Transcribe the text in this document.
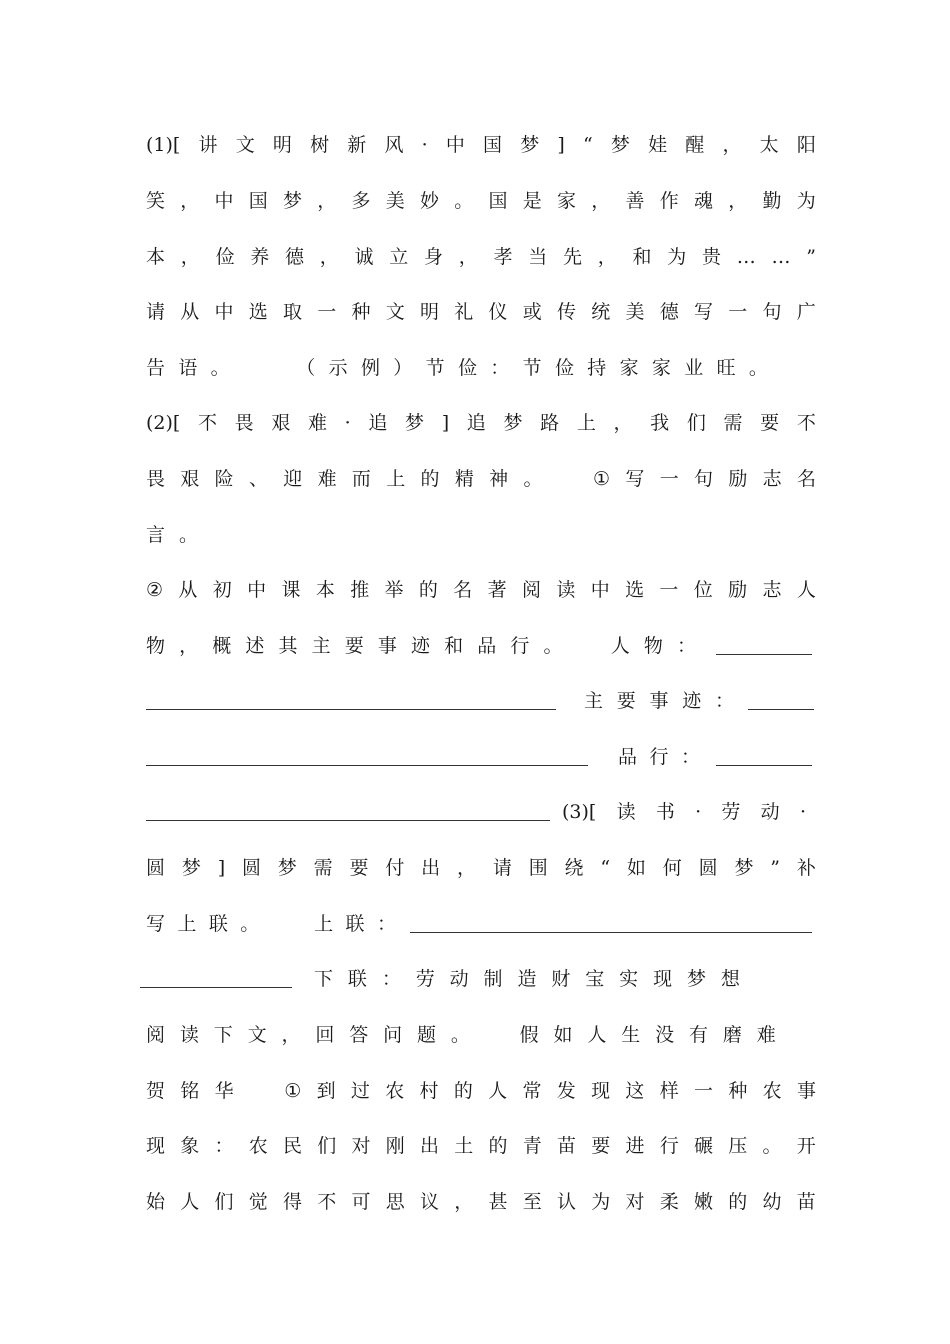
(1)[ 讲 文 明 树 新 风 · 中 国 梦 ] “ 梦 娃 醒 ， 太 阳
笑 ， 中 国 梦 ， 多 美 妙 。 国 是 家 ， 善 作 魂 ， 勤 为
本 ， 俭 养 德 ， 诚 立 身 ， 孝 当 先 ， 和 为 贵 … … ”
请 从 中 选 取 一 种 文 明 礼 仪 或 传 统 美 德 写 一 句 广
告 语 。	（ 示 例 ） 节 俭 ： 节 俭 持 家 家 业 旺 。
(2)[ 不 畏 艰 难 · 追 梦 ] 追 梦 路 上 ， 我 们 需 要 不
畏 艰 险 、 迎 难 而 上 的 精 神 。	① 写 一 句 励 志 名
言。
② 从 初 中 课 本 推 举 的 名 著 阅 读 中 选 一 位 励 志 人
物 ， 概 述 其 主 要 事 迹 和 品 行 。	人 物 ：
主 要 事 迹 ：
品 行 ：
(3)[ 读 书 · 劳 动 ·
圆 梦 ] 圆 梦 需 要 付 出 ， 请 围 绕 “ 如 何 圆 梦 ” 补
写 上 联 。	上 联 ：
下 联 ： 劳 动 制 造 财 宝 实 现 梦 想
阅 读 下 文 ， 回 答 问 题 。	假 如 人 生 没 有 磨 难
贺 铭 华	① 到 过 农 村 的 人 常 发 现 这 样 一 种 农 事
现 象 ： 农 民 们 对 刚 出 土 的 青 苗 要 进 行 碾 压 。 开
始 人 们 觉 得 不 可 思 议 ， 甚 至 认 为 对 柔 嫩 的 幼 苗
